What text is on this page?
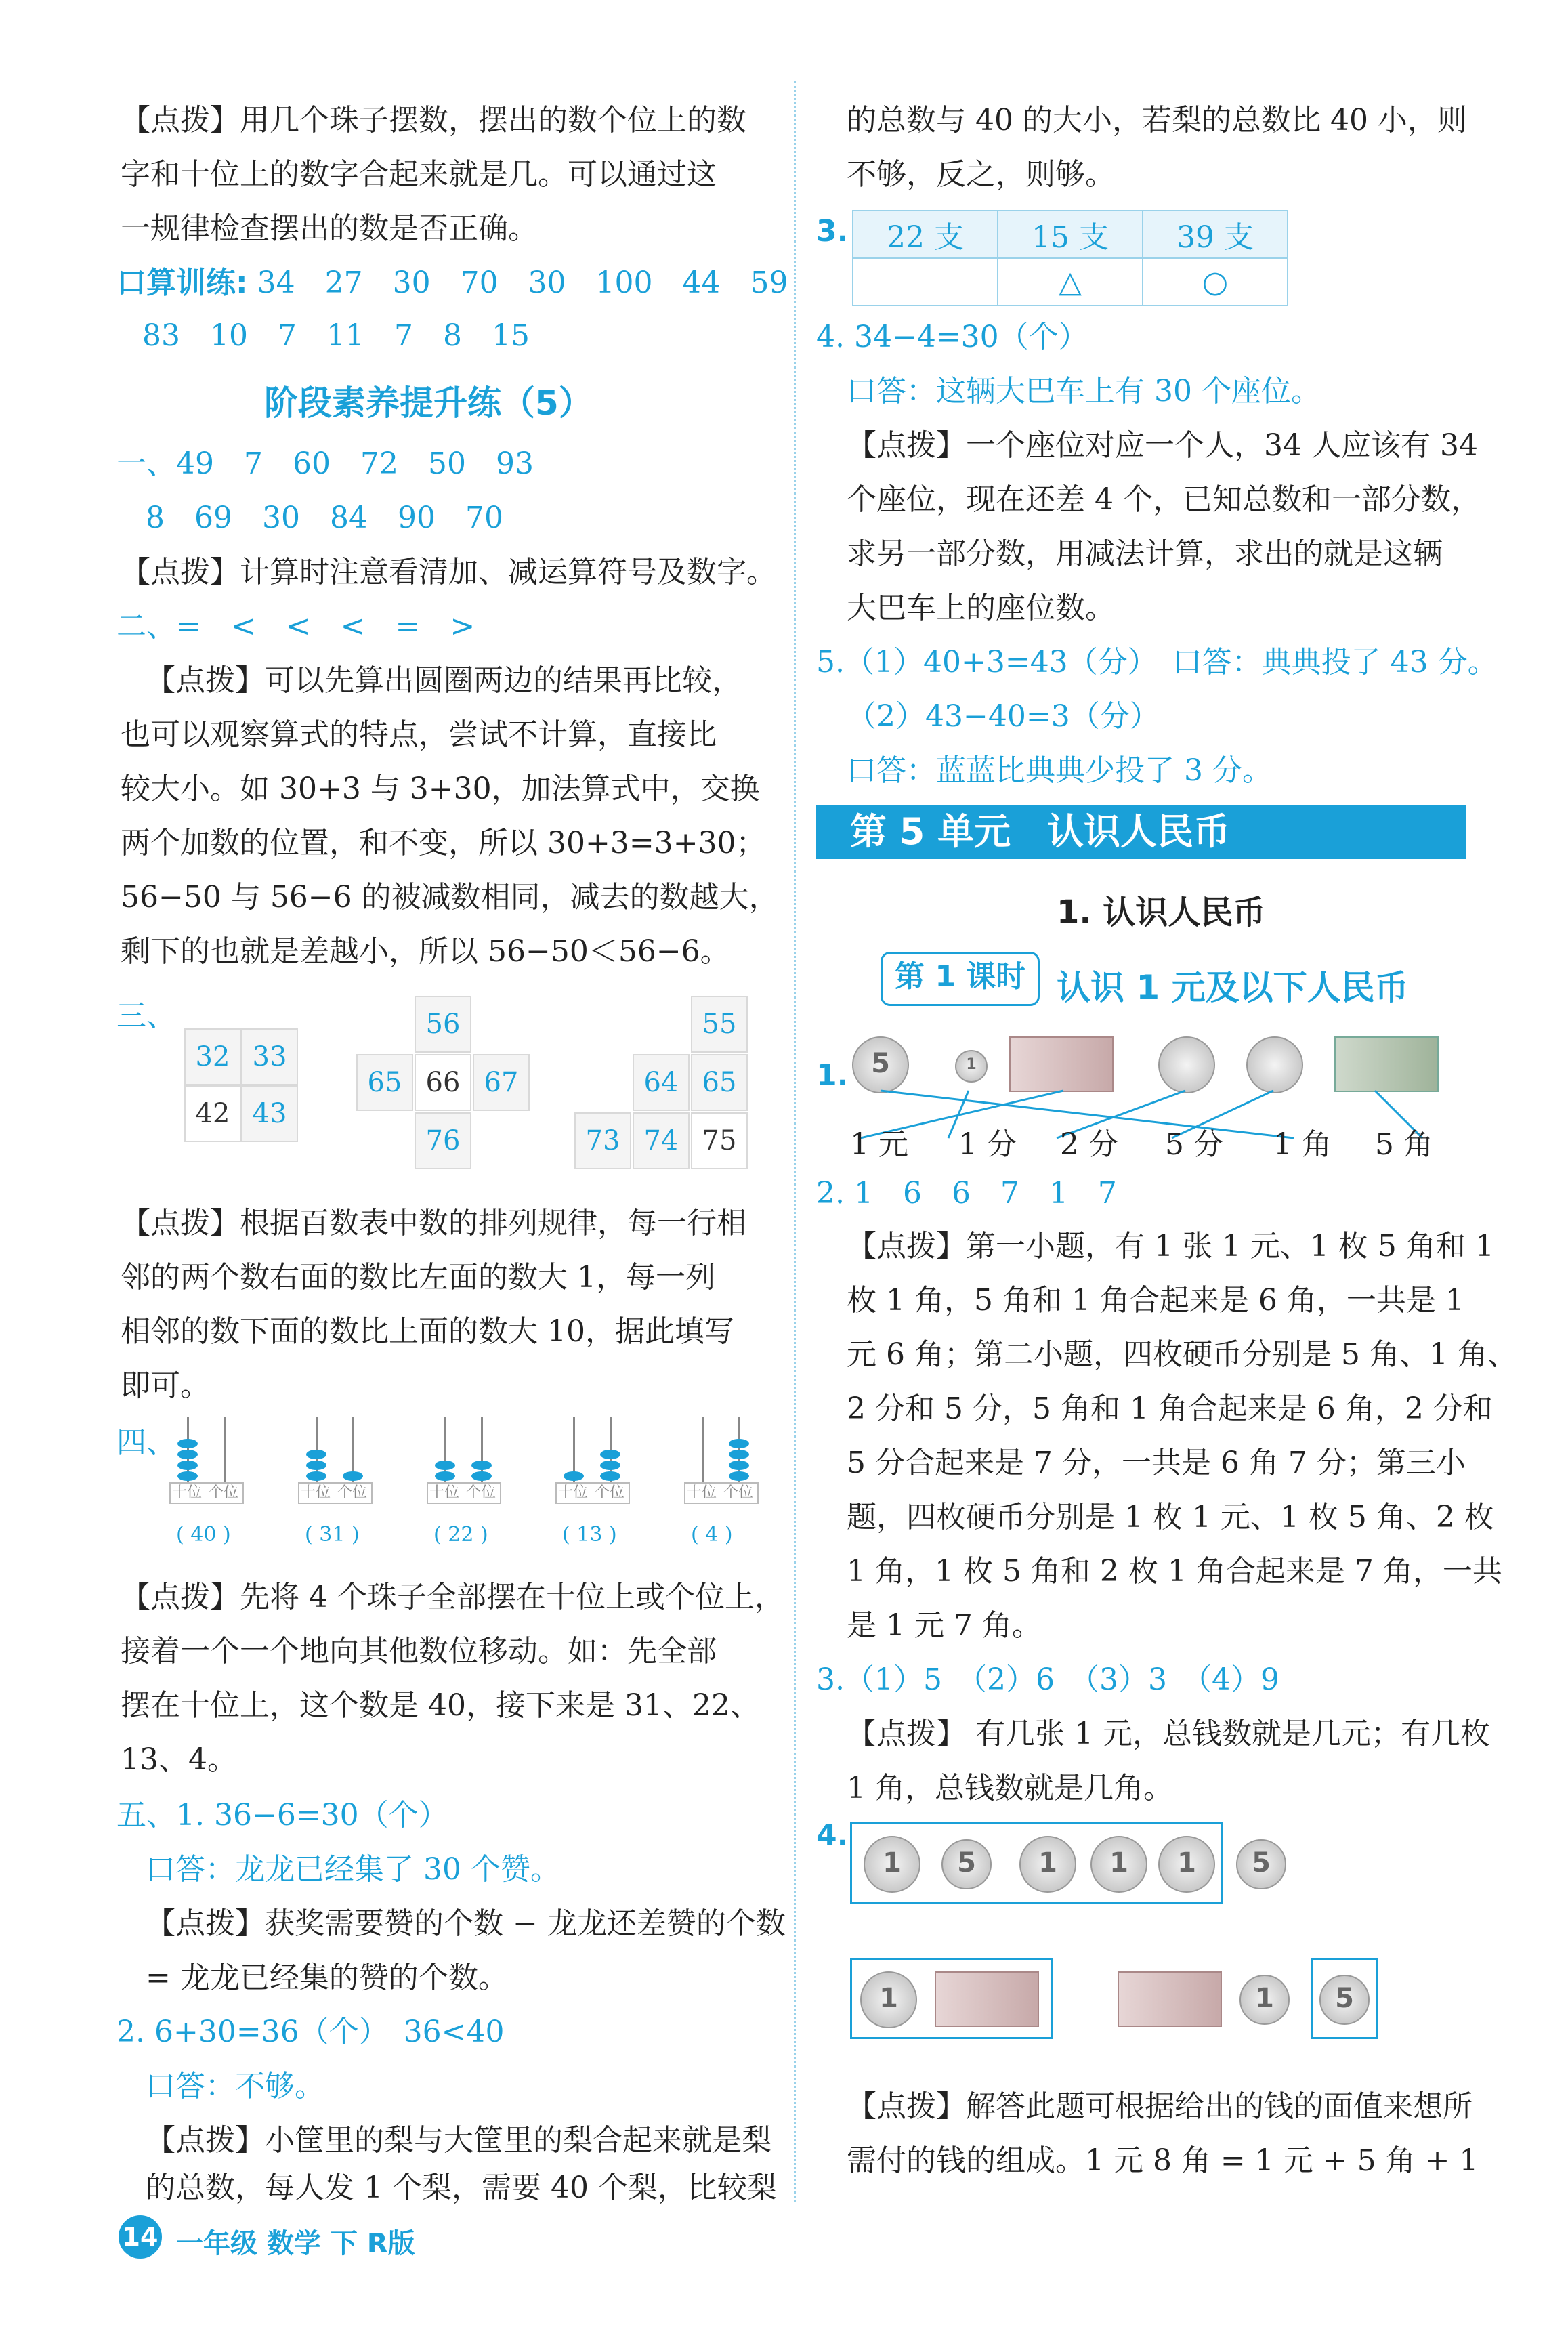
【点拨】用几个珠子摆数，摆出的数个位上的数
字和十位上的数字合起来就是几。可以通过这
一规律检查摆出的数是否正确。
口算训练: 34　27　30　70　30　100　44　59
83　10　7　11　7　8　15
阶段素养提升练（5）
一、49　7　60　72　50　93
8　69　30　84　90　70
【点拨】计算时注意看清加、减运算符号及数字。
二、=　<　<　<　=　>
【点拨】可以先算出圆圈两边的结果再比较，
也可以观察算式的特点，尝试不计算，直接比
较大小。如 30+3 与 3+30，加法算式中，交换
两个加数的位置，和不变，所以 30+3=3+30；
56−50 与 56−6 的被减数相同，减去的数越大，
剩下的也就是差越小，所以 56−50＜56−6。
三、
32 33
42 43
56
65 66 67
76
55
64 65
73 74 75
【点拨】根据百数表中数的排列规律，每一行相
邻的两个数右面的数比左面的数大 1，每一列
相邻的数下面的数比上面的数大 10，据此填写
即可。
四、
十位 个位
( 40 )
十位 个位
( 31 )
十位 个位
( 22 )
十位 个位
( 13 )
十位 个位
( 4 )
【点拨】先将 4 个珠子全部摆在十位上或个位上，
接着一个一个地向其他数位移动。如：先全部
摆在十位上，这个数是 40，接下来是 31、22、
13、4。
五、1. 36−6=30（个）
口答：龙龙已经集了 30 个赞。
【点拨】获奖需要赞的个数 − 龙龙还差赞的个数
= 龙龙已经集的赞的个数。
2. 6+30=36（个）　36<40
口答：不够。
【点拨】小筐里的梨与大筐里的梨合起来就是梨
的总数，每人发 1 个梨，需要 40 个梨，比较梨
14 一年级 数学 下 R版
的总数与 40 的大小，若梨的总数比 40 小，则
不够，反之，则够。
3. 22 支	15 支	39 支
	△	○
4. 34−4=30（个）
口答：这辆大巴车上有 30 个座位。
【点拨】一个座位对应一个人，34 人应该有 34
个座位，现在还差 4 个，已知总数和一部分数，
求另一部分数，用减法计算，求出的就是这辆
大巴车上的座位数。
5.（1）40+3=43（分）　口答：典典投了 43 分。
（2）43−40=3（分）
口答：蓝蓝比典典少投了 3 分。
第 5 单元　认识人民币
1. 认识人民币
第 1 课时 认识 1 元及以下人民币
1. 5	1
1 元 1 分 2 分 5 分 1 角 5 角
2. 1　6　6　7　1　7
【点拨】第一小题，有 1 张 1 元、1 枚 5 角和 1
枚 1 角，5 角和 1 角合起来是 6 角，一共是 1
元 6 角；第二小题，四枚硬币分别是 5 角、1 角、
2 分和 5 分，5 角和 1 角合起来是 6 角，2 分和
5 分合起来是 7 分，一共是 6 角 7 分；第三小
题，四枚硬币分别是 1 枚 1 元、1 枚 5 角、2 枚
1 角，1 枚 5 角和 2 枚 1 角合起来是 7 角，一共
是 1 元 7 角。
3.（1）5　（2）6　（3）3　（4）9
【点拨】 有几张 1 元，总钱数就是几元；有几枚
1 角，总钱数就是几角。
4.
1	5	1	1	1	5
1	1	5
【点拨】解答此题可根据给出的钱的面值来想所
需付的钱的组成。1 元 8 角 = 1 元 + 5 角 + 1
